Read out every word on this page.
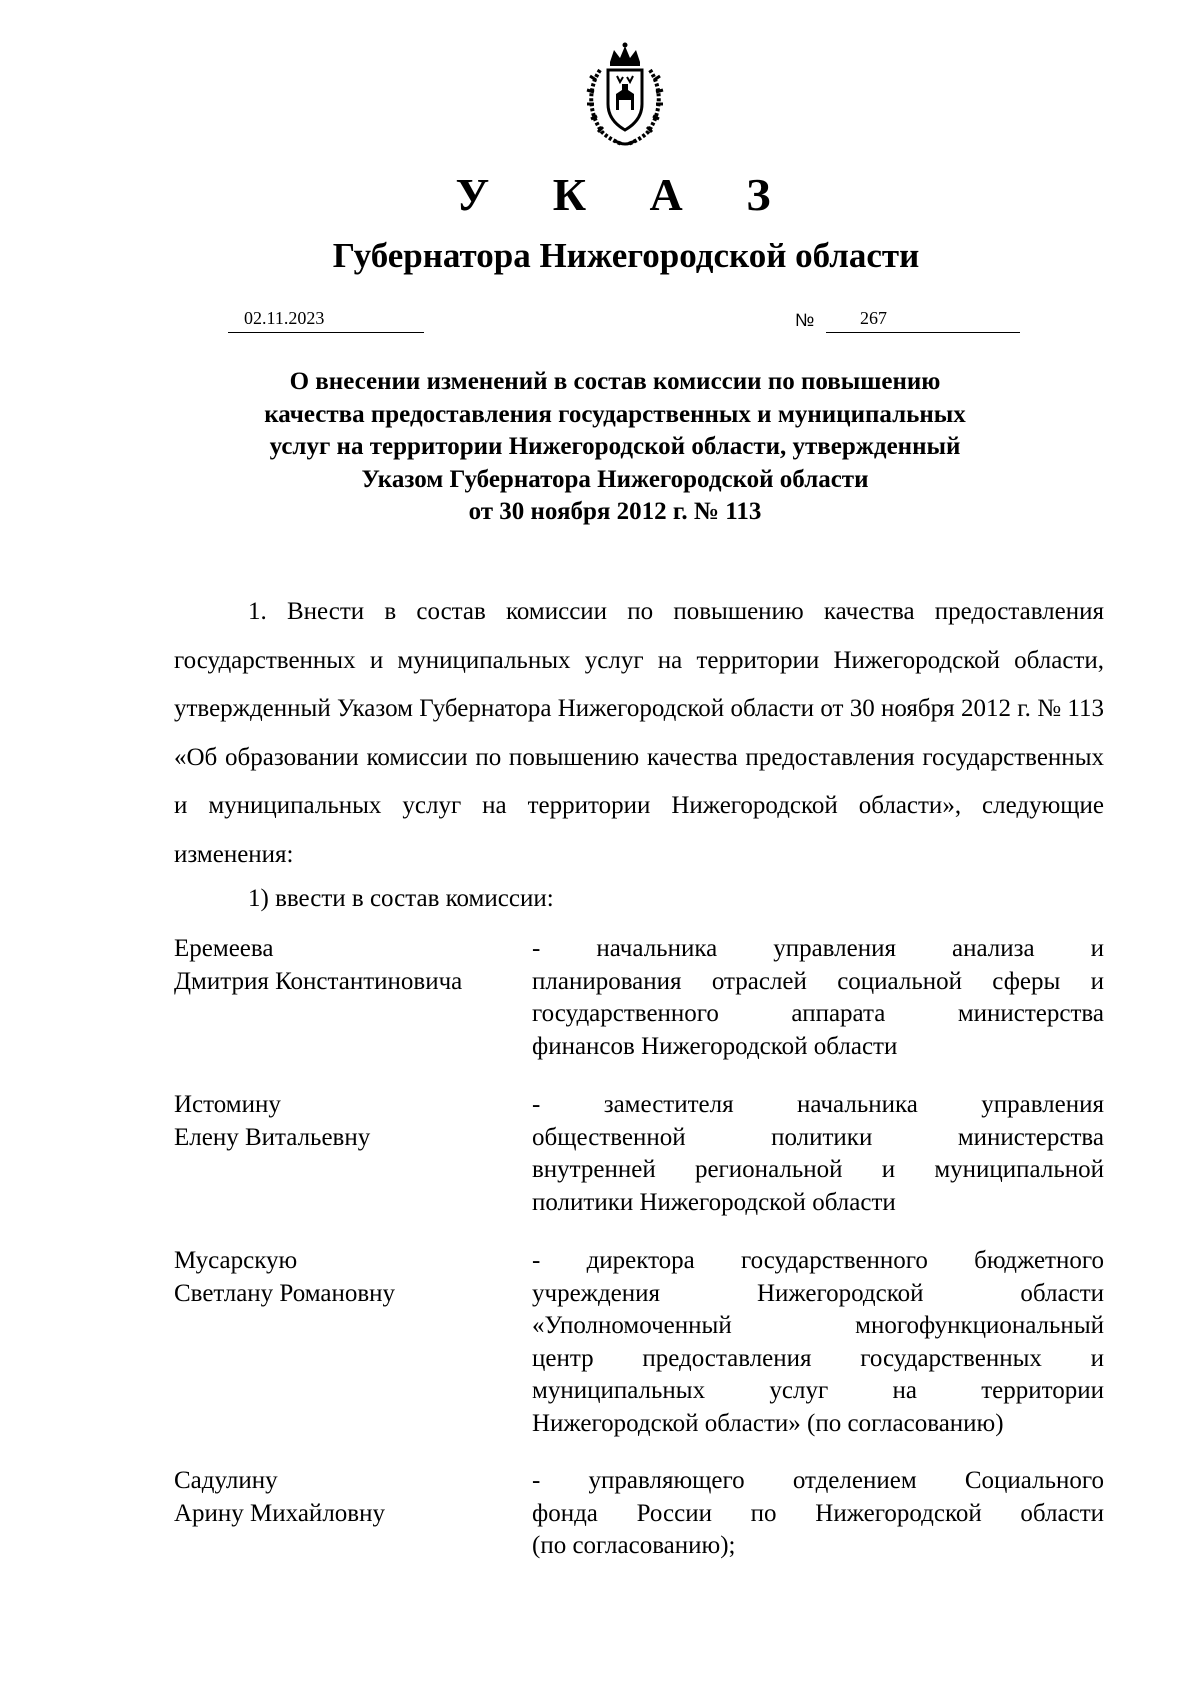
У К А З
Губернатора Нижегородской области
02.11.2023	№	267
О внесении изменений в состав комиссии по повышению
качества предоставления государственных и муниципальных
услуг на территории Нижегородской области, утвержденный
Указом Губернатора Нижегородской области
от 30 ноября 2012 г. № 113
1. Внести в состав комиссии по повышению качества предоставления государственных и муниципальных услуг на территории Нижегородской области, утвержденный Указом Губернатора Нижегородской области от 30 ноября 2012 г. № 113 «Об образовании комиссии по повышению качества предоставления государственных и муниципальных услуг на территории Нижегородской области», следующие изменения:
1) ввести в состав комиссии:
Еремеева
Дмитрия Константиновича
- начальника управления анализа и
планирования отраслей социальной сферы и
государственного аппарата министерства
финансов Нижегородской области
Истомину
Елену Витальевну
- заместителя начальника управления
общественной политики министерства
внутренней региональной и муниципальной
политики Нижегородской области
Мусарскую
Светлану Романовну
- директора государственного бюджетного
учреждения Нижегородской области
«Уполномоченный многофункциональный
центр предоставления государственных и
муниципальных услуг на территории
Нижегородской области» (по согласованию)
Садулину
Арину Михайловну
- управляющего отделением Социального
фонда России по Нижегородской области
(по согласованию);
